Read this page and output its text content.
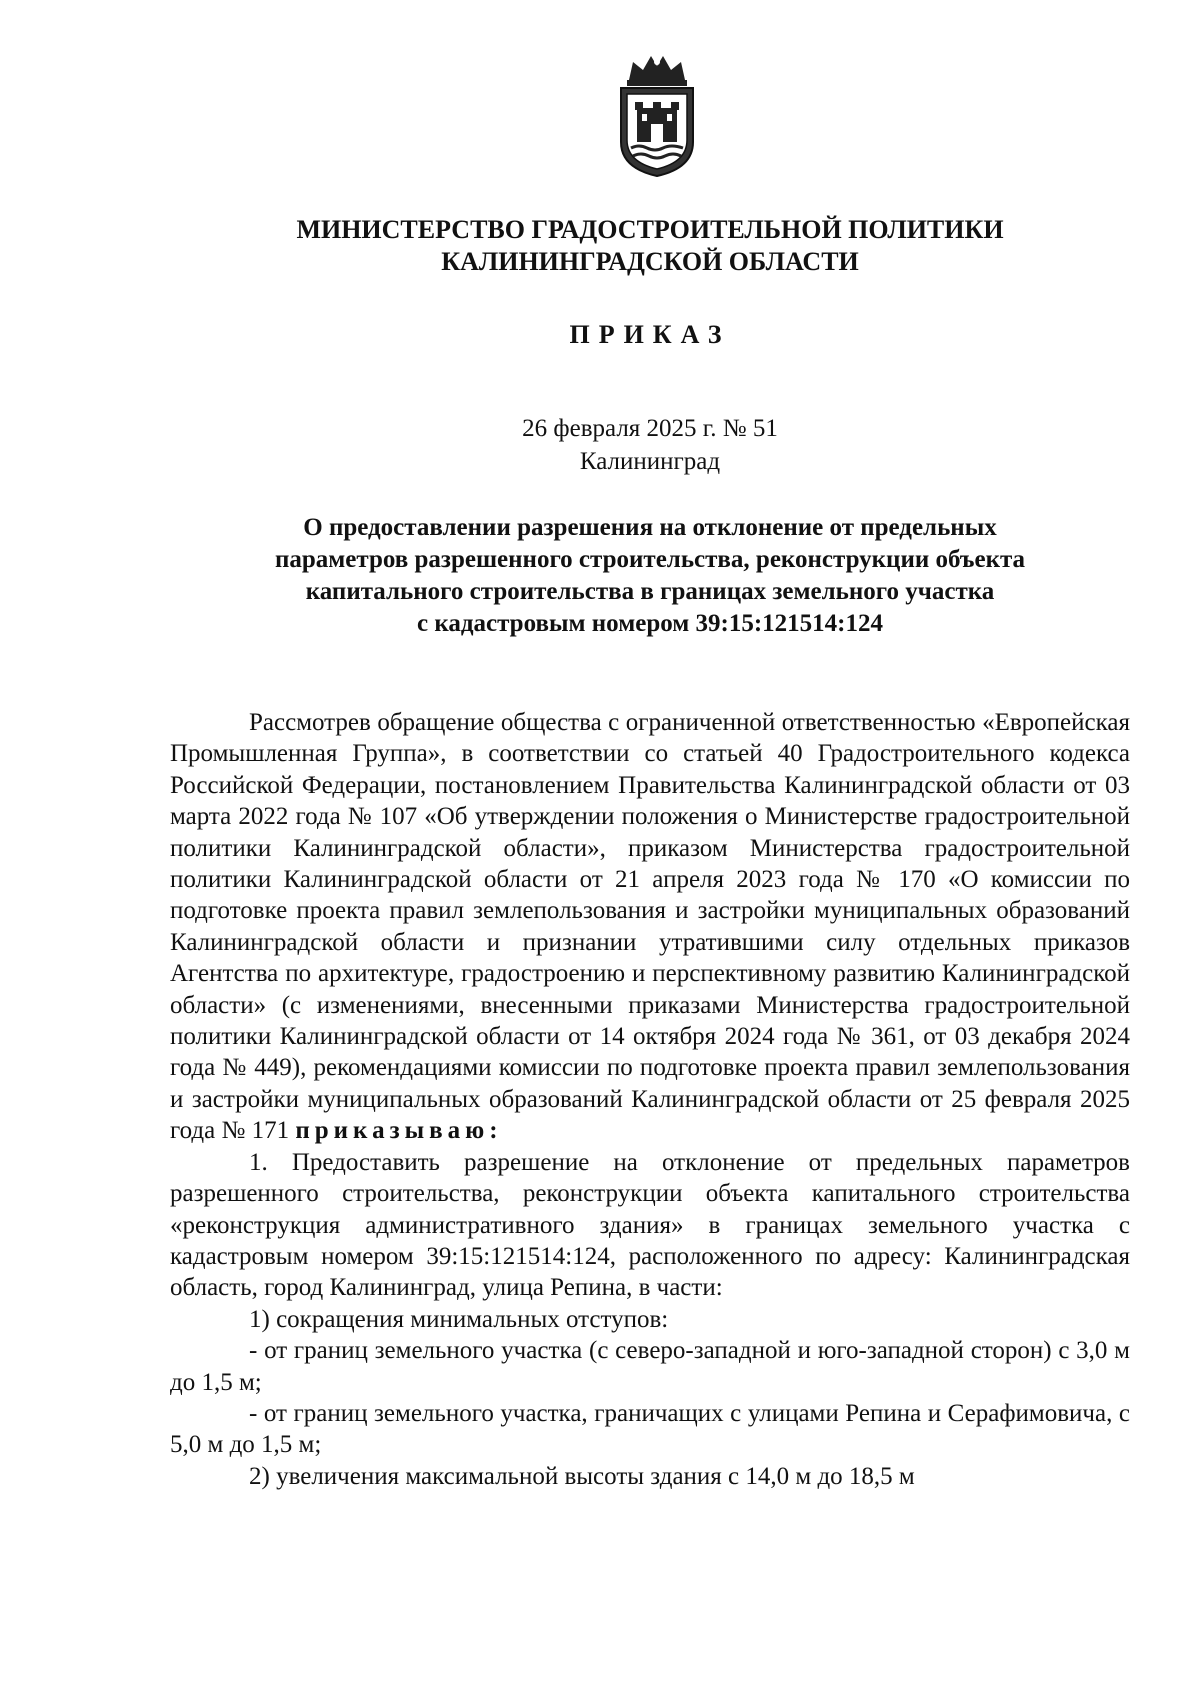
МИНИСТЕРСТВО ГРАДОСТРОИТЕЛЬНОЙ ПОЛИТИКИ
КАЛИНИНГРАДСКОЙ ОБЛАСТИ
ПРИКАЗ
26 февраля 2025 г. № 51
Калининград
О предоставлении разрешения на отклонение от предельных
параметров разрешенного строительства, реконструкции объекта
капитального строительства в границах земельного участка
с кадастровым номером 39:15:121514:124

Рассмотрев обращение общества с ограниченной ответственностью «Европейская Промышленная Группа», в соответствии со статьей 40 Градостроительного кодекса Российской Федерации, постановлением Правительства Калининградской области от 03 марта 2022 года № 107 «Об утверждении положения о Министерстве градостроительной политики Калининградской области», приказом Министерства градостроительной политики Калининградской области от 21 апреля 2023 года № 170 «О комиссии по подготовке проекта правил землепользования и застройки муниципальных образований Калининградской области и признании утратившими силу отдельных приказов Агентства по архитектуре, градостроению и перспективному развитию Калининградской области» (с изменениями, внесенными приказами Министерства градостроительной политики Калининградской области от 14 октября 2024 года № 361, от 03 декабря 2024 года № 449), рекомендациями комиссии по подготовке проекта правил землепользования и застройки муниципальных образований Калининградской области от 25 февраля 2025 года № 171 приказываю:

1. Предоставить разрешение на отклонение от предельных параметров разрешенного строительства, реконструкции объекта капитального строительства «реконструкция административного здания» в границах земельного участка с кадастровым номером 39:15:121514:124, расположенного по адресу: Калининградская область, город Калининград, улица Репина, в части:

1) сокращения минимальных отступов:

- от границ земельного участка (с северо-западной и юго-западной сторон) с 3,0 м до 1,5 м;

- от границ земельного участка, граничащих с улицами Репина и Серафимовича, с 5,0 м до 1,5 м;

2) увеличения максимальной высоты здания с 14,0 м до 18,5 м
